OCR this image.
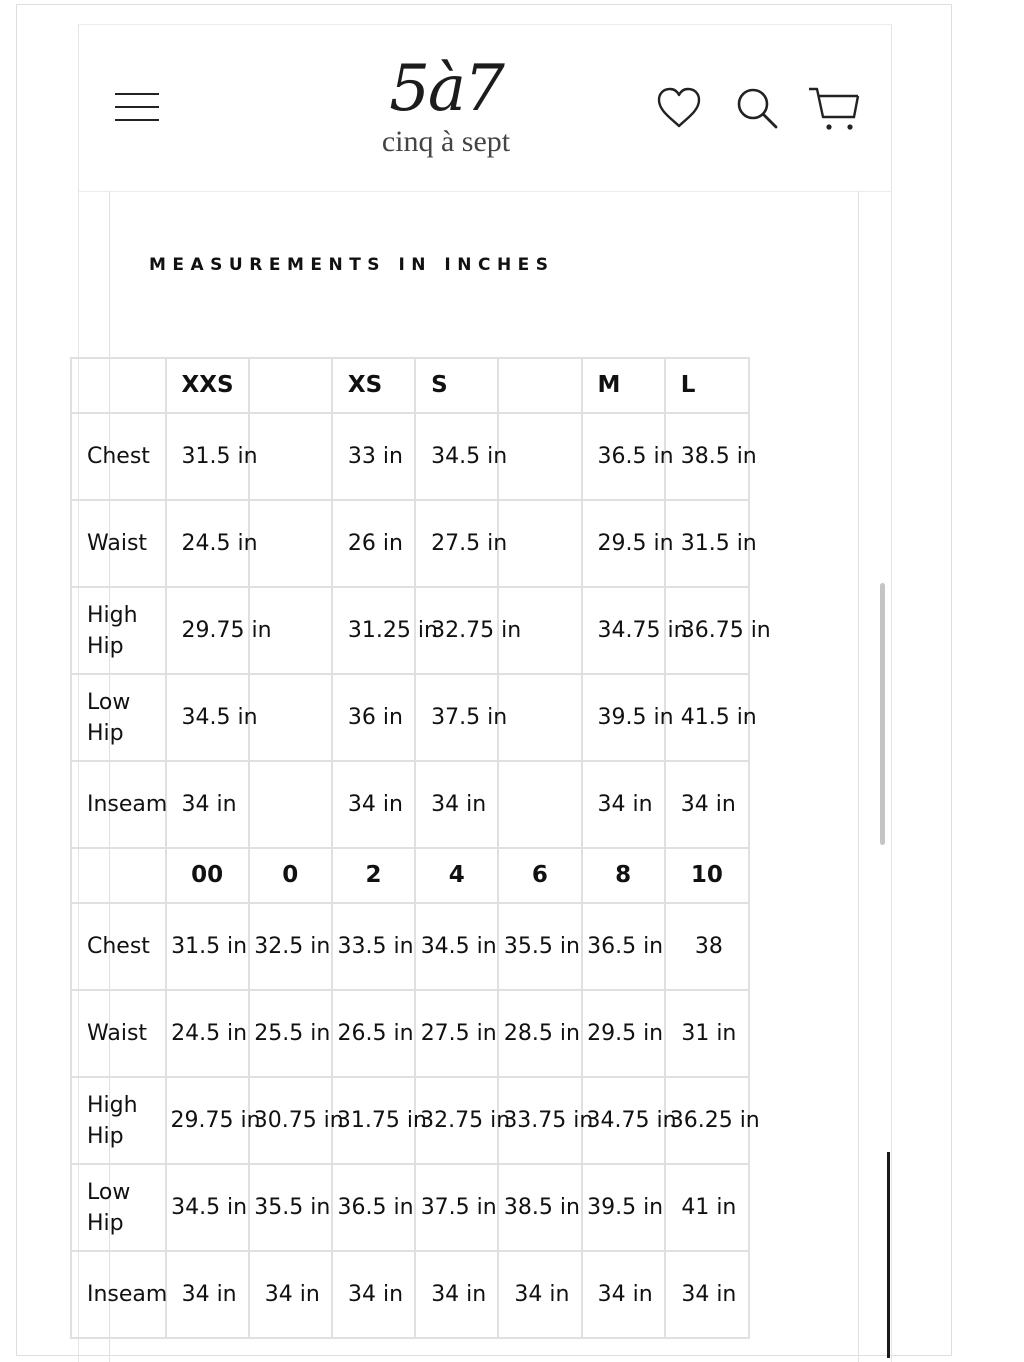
5à7
cinq à sept
MEASUREMENTS IN INCHES
	XXS		XS	S		M	L
Chest	31.5 in		33 in	34.5 in		36.5 in	38.5 in
Waist	24.5 in		26 in	27.5 in		29.5 in	31.5 in
High Hip	29.75 in		31.25 in	32.75 in		34.75 in	36.75 in
Low Hip	34.5 in		36 in	37.5 in		39.5 in	41.5 in
Inseam	34 in		34 in	34 in		34 in	34 in
	00	0	2	4	6	8	10
Chest	31.5 in	32.5 in	33.5 in	34.5 in	35.5 in	36.5 in	38
Waist	24.5 in	25.5 in	26.5 in	27.5 in	28.5 in	29.5 in	31 in
High Hip	29.75 in	30.75 in	31.75 in	32.75 in	33.75 in	34.75 in	36.25 in
Low Hip	34.5 in	35.5 in	36.5 in	37.5 in	38.5 in	39.5 in	41 in
Inseam	34 in	34 in	34 in	34 in	34 in	34 in	34 in
